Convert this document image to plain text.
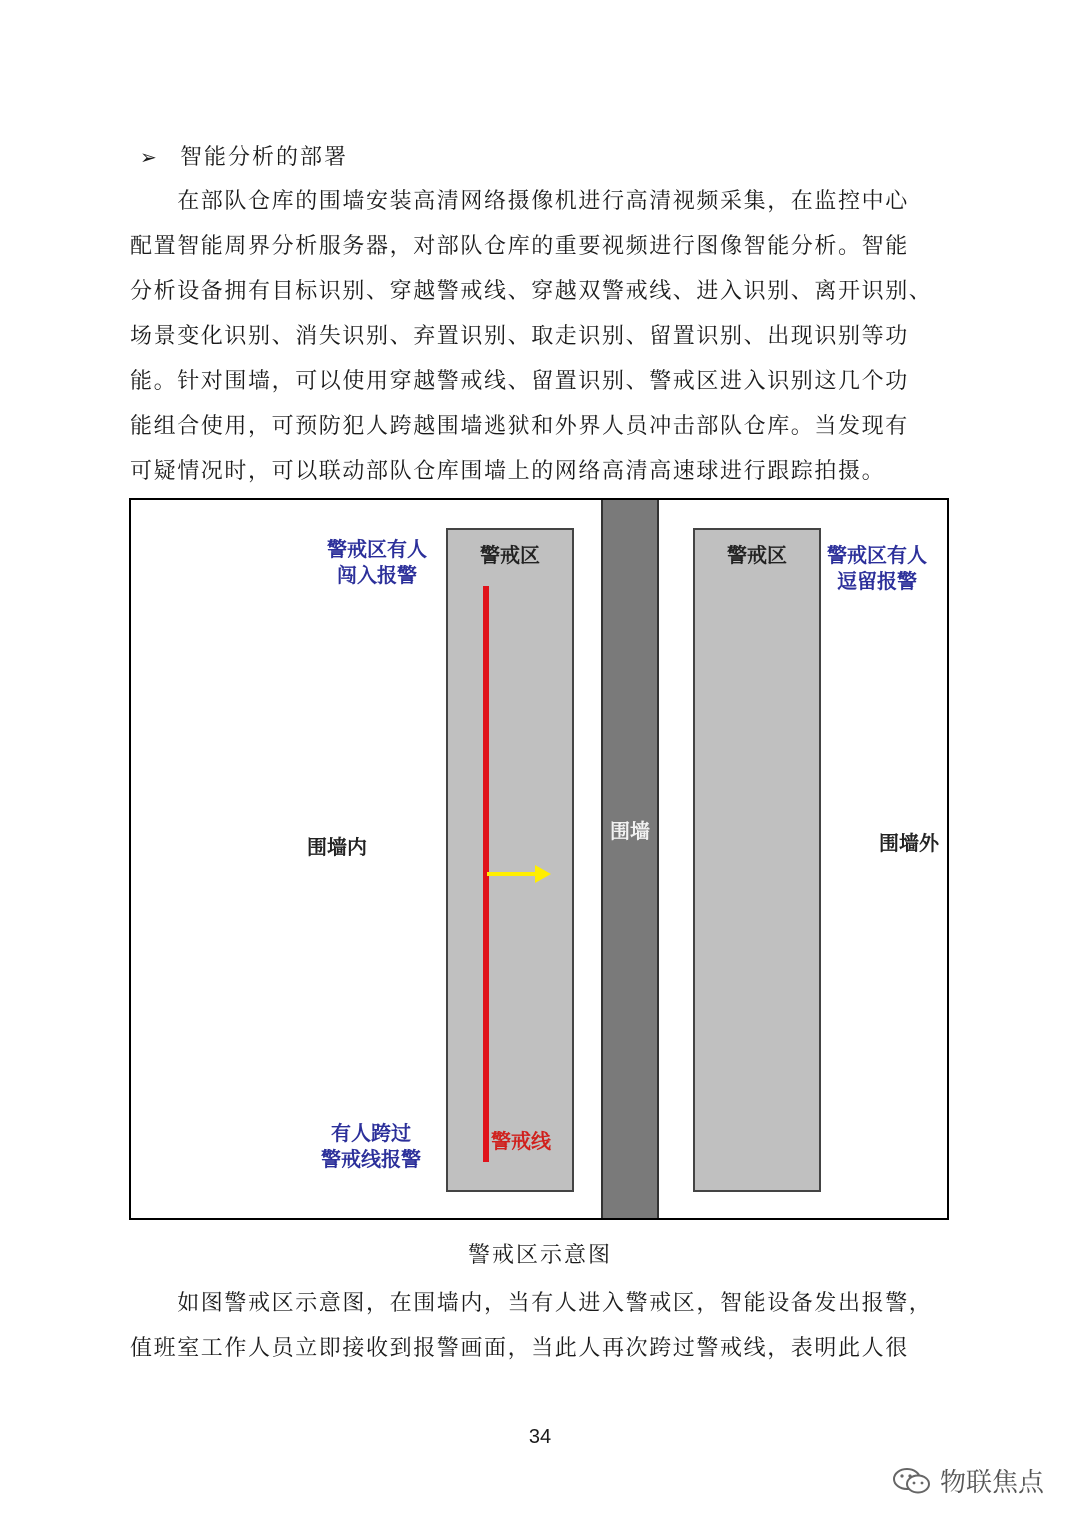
➢ 智能分析的部署
　　在部队仓库的围墙安装高清网络摄像机进行高清视频采集，在监控中心
配置智能周界分析服务器，对部队仓库的重要视频进行图像智能分析。智能
分析设备拥有目标识别、穿越警戒线、穿越双警戒线、进入识别、离开识别、
场景变化识别、消失识别、弃置识别、取走识别、留置识别、出现识别等功
能。针对围墙，可以使用穿越警戒线、留置识别、警戒区进入识别这几个功
能组合使用，可预防犯人跨越围墙逃狱和外界人员冲击部队仓库。当发现有
可疑情况时，可以联动部队仓库围墙上的网络高清高速球进行跟踪拍摄。
警戒区
围墙
警戒区
警戒区有人
闯入报警
警戒区有人
逗留报警
有人跨过
警戒线报警
警戒线
围墙内	围墙外
警戒区示意图
　　如图警戒区示意图，在围墙内，当有人进入警戒区，智能设备发出报警，
值班室工作人员立即接收到报警画面，当此人再次跨过警戒线，表明此人很
34
物联焦点
